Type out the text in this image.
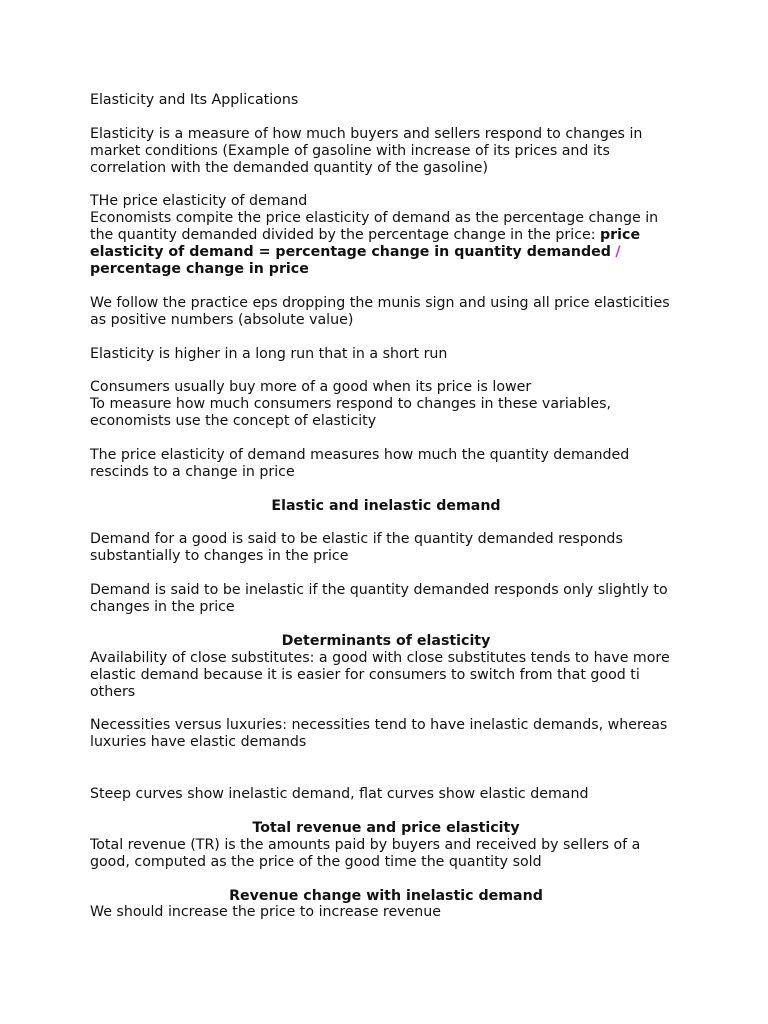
Elasticity and Its Applications

Elasticity is a measure of how much buyers and sellers respond to changes in market conditions (Example of gasoline with increase of its prices and its correlation with the demanded quantity of the gasoline)

THe price elasticity of demand

Economists compite the price elasticity of demand as the percentage change in the quantity demanded divided by the percentage change in the price: price elasticity of demand = percentage change in quantity demanded / percentage change in price

We follow the practice eps dropping the munis sign and using all price elasticities as positive numbers (absolute value)

Elasticity is higher in a long run that in a short run

Consumers usually buy more of a good when its price is lower

To measure how much consumers respond to changes in these variables, economists use the concept of elasticity

The price elasticity of demand measures how much the quantity demanded rescinds to a change in price

Elastic and inelastic demand

Demand for a good is said to be elastic if the quantity demanded responds substantially to changes in the price

Demand is said to be inelastic if the quantity demanded responds only slightly to changes in the price

Determinants of elasticity

Availability of close substitutes: a good with close substitutes tends to have more elastic demand because it is easier for consumers to switch from that good ti others

Necessities versus luxuries: necessities tend to have inelastic demands, whereas luxuries have elastic demands

Steep curves show inelastic demand, flat curves show elastic demand

Total revenue and price elasticity

Total revenue (TR) is the amounts paid by buyers and received by sellers of a good, computed as the price of the good time the quantity sold

Revenue change with inelastic demand

We should increase the price to increase revenue
